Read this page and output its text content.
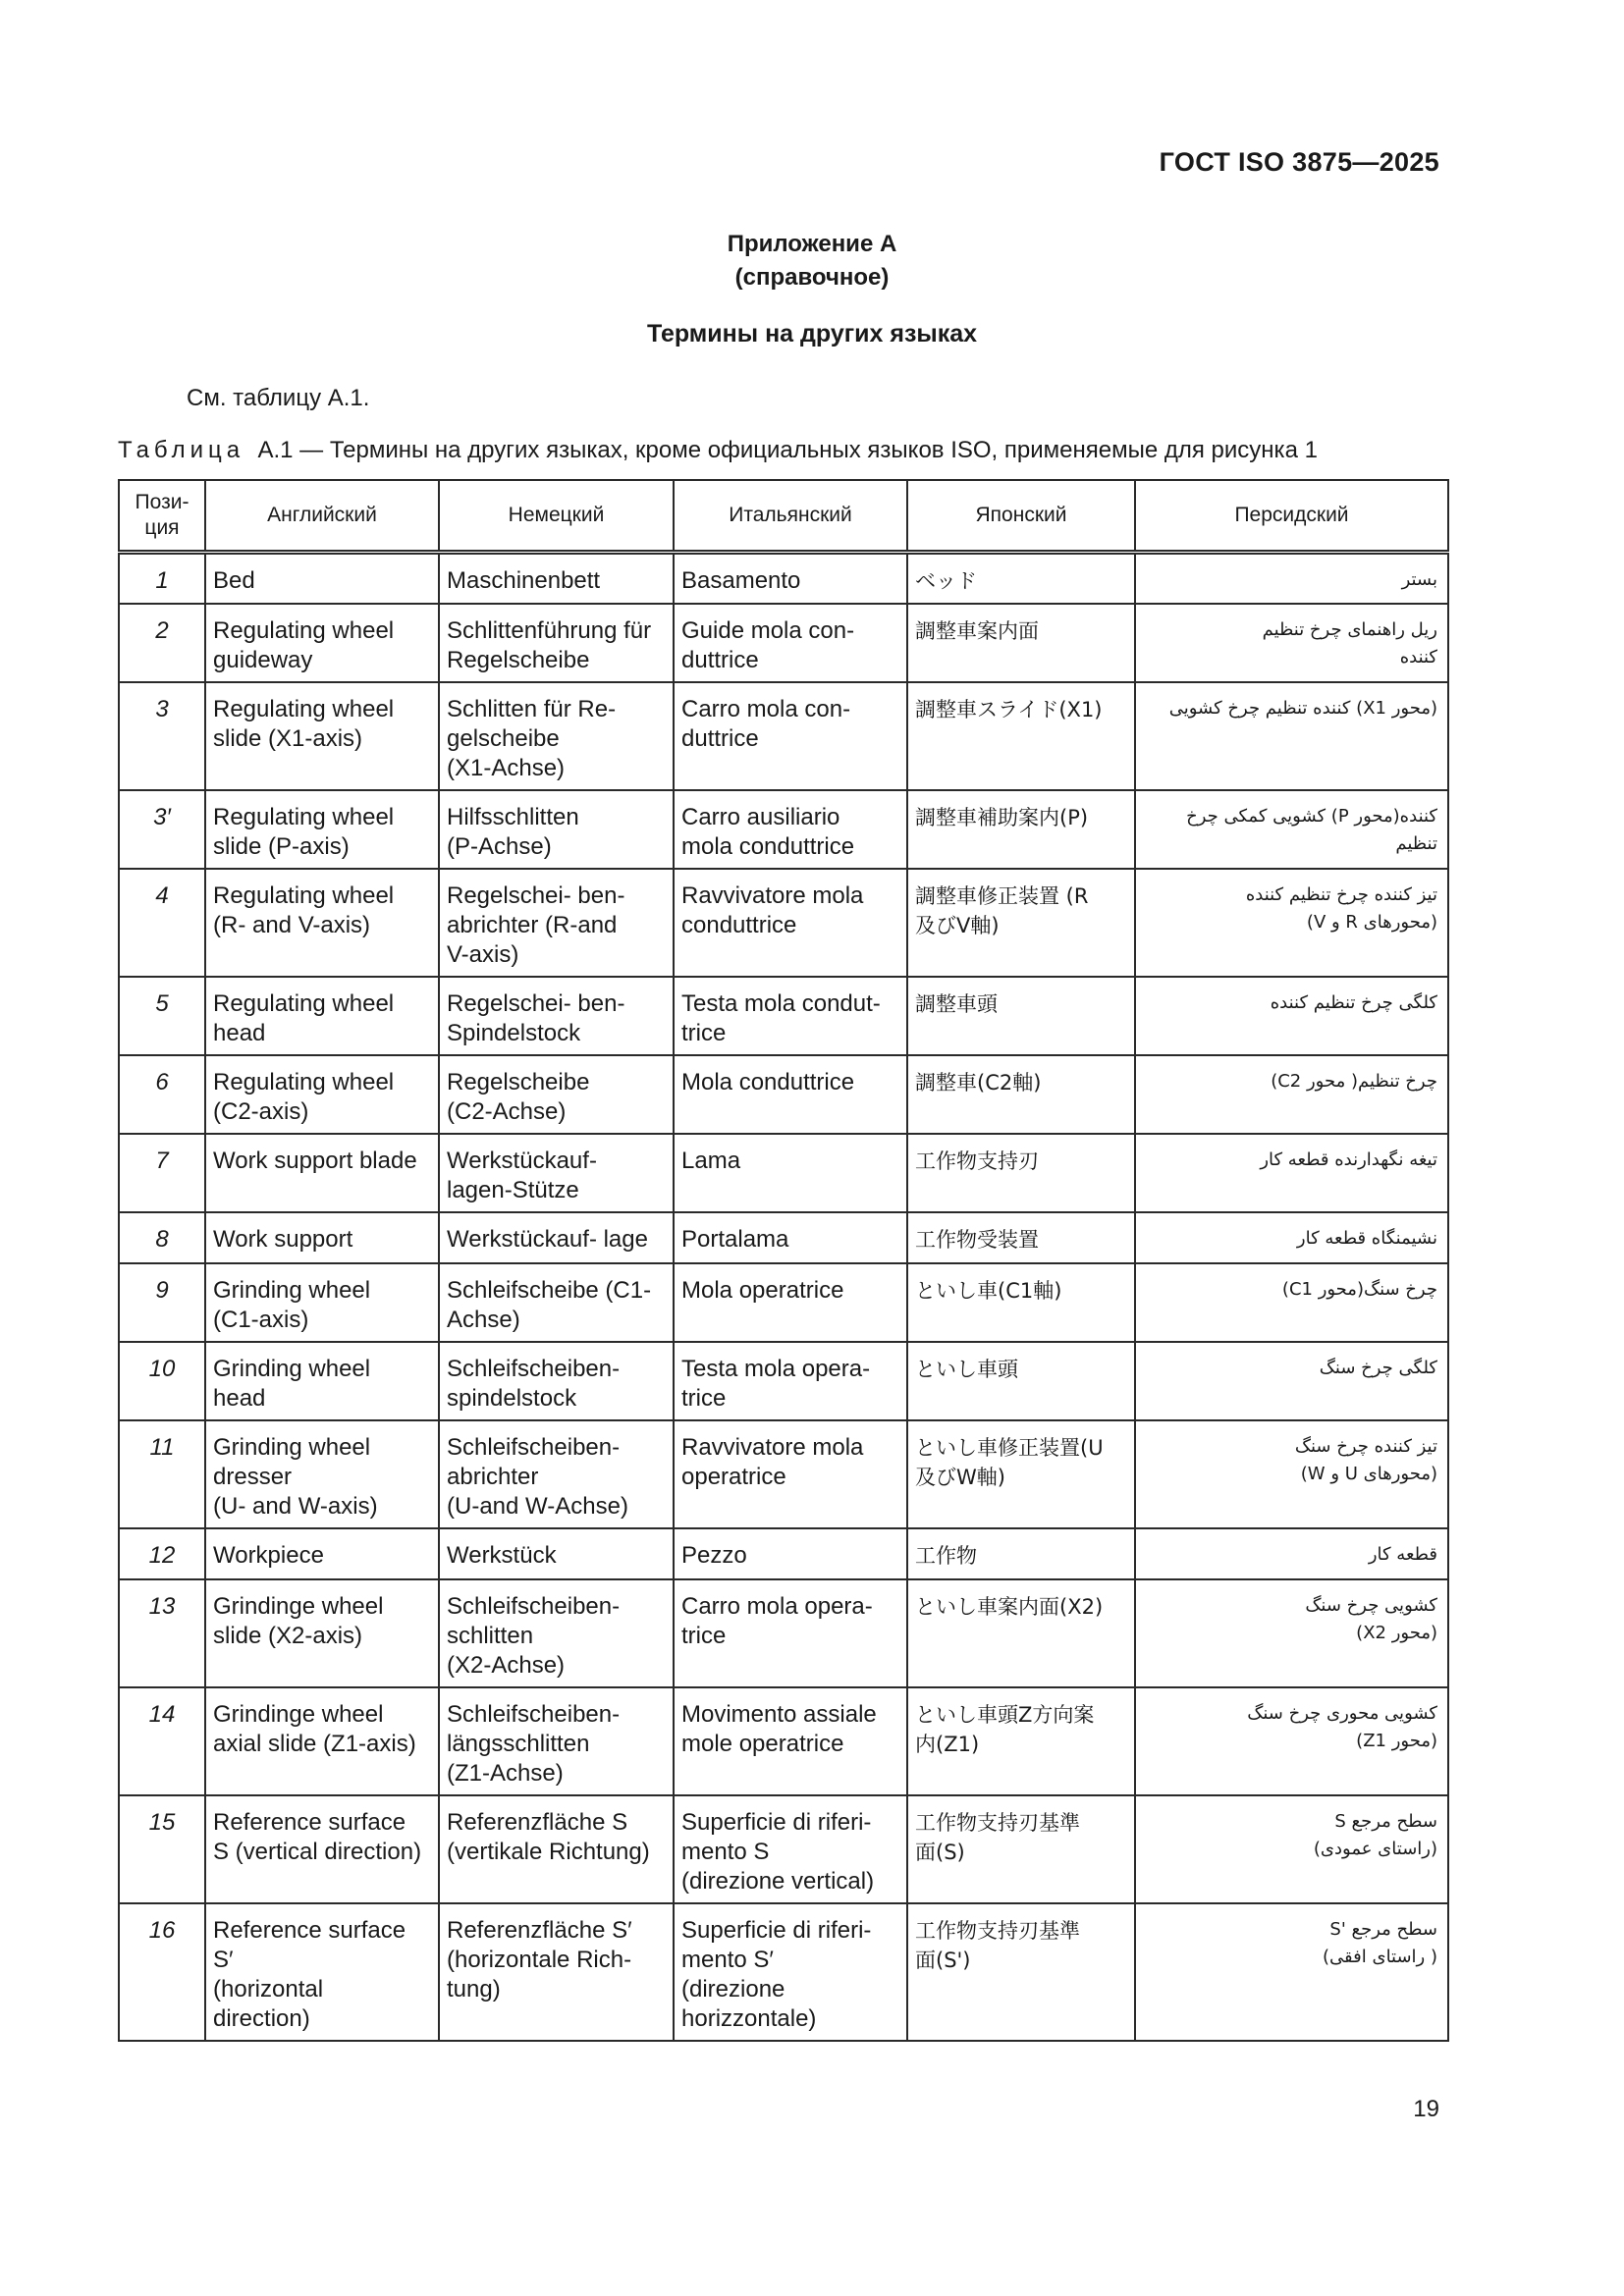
ГОСТ ISO 3875—2025
Приложение А
(справочное)
Термины на других языках
См. таблицу А.1.
Таблица А.1 — Термины на других языках, кроме официальных языков ISO, применяемые для рисунка 1
Пози-
ция	Английский	Немецкий	Итальянский	Японский	Персидский
1	Bed	Maschinenbett	Basamento	ベッド	بستر
2	Regulating wheel
guideway	Schlittenführung für
Regelscheibe	Guide mola con-
duttrice	調整車案内面	ریل راهنمای چرخ تنظیم
کننده
3	Regulating wheel
slide (X1-axis)	Schlitten für Re-
gelscheibe
(X1-Achse)	Carro mola con-
duttrice	調整車スライド(X1)	(محور X1) کننده تنظیم چرخ کشویی
3′	Regulating wheel
slide (P-axis)	Hilfsschlitten
(P-Achse)	Carro ausiliario
mola conduttrice	調整車補助案内(P)	کننده(محور P) کشویی کمکی چرخ تنظیم
4	Regulating wheel
(R- and V-axis)	Regelschei- ben-
abrichter (R-and
V-axis)	Ravvivatore mola
conduttrice	調整車修正装置 (R
及びV軸)	تیز کننده چرخ تنظیم کننده
(محورهای R و V)
5	Regulating wheel
head	Regelschei- ben-
Spindelstock	Testa mola condut-
trice	調整車頭	کلگی چرخ تنظیم کننده
6	Regulating wheel
(C2-axis)	Regelscheibe
(C2-Achse)	Mola conduttrice	調整車(C2軸)	چرخ تنظیم( محور C2)
7	Work support blade	Werkstückauf-
lagen-Stütze	Lama	工作物支持刃	تیغه نگهدارنده قطعه کار
8	Work support	Werkstückauf- lage	Portalama	工作物受装置	نشیمنگاه قطعه کار
9	Grinding wheel
(C1-axis)	Schleifscheibe (C1-
Achse)	Mola operatrice	といし車(C1軸)	چرخ سنگ(محور C1)
10	Grinding wheel
head	Schleifscheiben-
spindelstock	Testa mola opera-
trice	といし車頭	کلگی چرخ سنگ
11	Grinding wheel
dresser
(U- and W-axis)	Schleifscheiben-
abrichter
(U-and W-Achse)	Ravvivatore mola
operatrice	といし車修正装置(U
及びW軸)	تیز کننده چرخ سنگ
(محورهای U و W)
12	Workpiece	Werkstück	Pezzo	工作物	قطعه کار
13	Grindinge wheel
slide (X2-axis)	Schleifscheiben-
schlitten
(X2-Achse)	Carro mola opera-
trice	といし車案内面(X2)	کشویی چرخ سنگ
(محور X2)
14	Grindinge wheel
axial slide (Z1-axis)	Schleifscheiben-
längsschlitten
(Z1-Achse)	Movimento assiale
mole operatrice	といし車頭Z方向案
内(Z1)	کشویی محوری چرخ سنگ
(محور Z1)
15	Reference surface
S (vertical direction)	Referenzfläche S
(vertikale Richtung)	Superficie di riferi-
mento S
(direzione vertical)	工作物支持刃基準
面(S)	سطح مرجع S
(راستای عمودی)
16	Reference surface
S′
(horizontal
direction)	Referenzfläche S′
(horizontale Rich-
tung)	Superficie di riferi-
mento S′
(direzione
horizzontale)	工作物支持刃基準
面(S')	سطح مرجع 'S
( راستای افقی)
19
